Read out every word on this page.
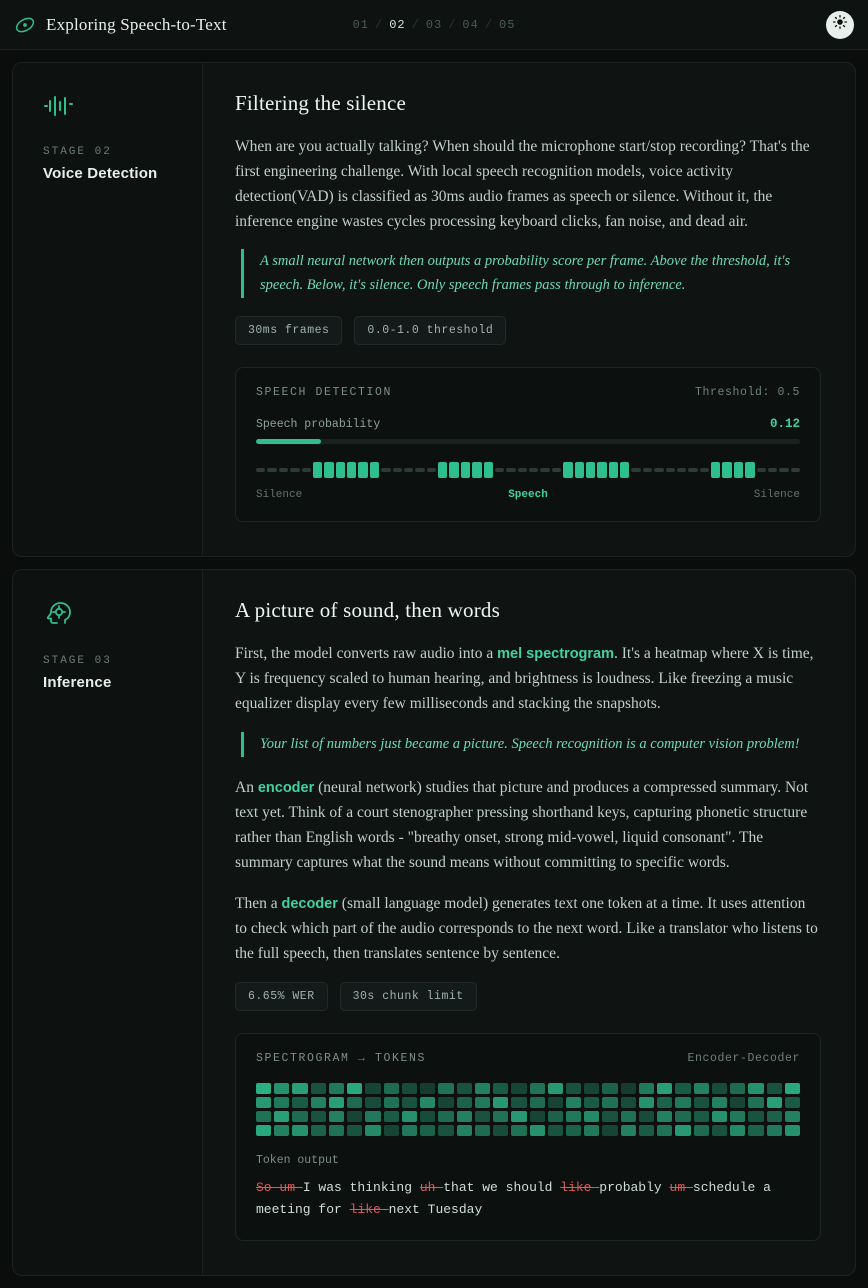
Exploring Speech-to-Text	01 / 02 / 03 / 04 / 05
STAGE 02
Voice Detection
Filtering the silence

When are you actually talking? When should the microphone start/stop recording? That's the first engineering challenge. With local speech recognition models, voice activity detection(VAD) is classified as 30ms audio frames as speech or silence. Without it, the inference engine wastes cycles processing keyboard clicks, fan noise, and dead air.

A small neural network then outputs a probability score per frame. Above the threshold, it's speech. Below, it's silence. Only speech frames pass through to inference.
30ms frames	0.0-1.0 threshold
SPEECH DETECTION	Threshold: 0.5
Speech probability	0.12
Silence	Speech	Silence
STAGE 03
Inference
A picture of sound, then words

First, the model converts raw audio into a mel spectrogram. It's a heatmap where X is time, Y is frequency scaled to human hearing, and brightness is loudness. Like freezing a music equalizer display every few milliseconds and stacking the snapshots.

Your list of numbers just became a picture. Speech recognition is a computer vision problem!

An encoder (neural network) studies that picture and produces a compressed summary. Not text yet. Think of a court stenographer pressing shorthand keys, capturing phonetic structure rather than English words - "breathy onset, strong mid-vowel, liquid consonant". The summary captures what the sound means without committing to specific words.

Then a decoder (small language model) generates text one token at a time. It uses attention to check which part of the audio corresponds to the next word. Like a translator who listens to the full speech, then translates sentence by sentence.

6.65% WER	30s chunk limit
SPECTROGRAM → TOKENS	Encoder-Decoder
Token output
So um I was thinking uh that we should like probably um schedule a meeting for like next Tuesday
